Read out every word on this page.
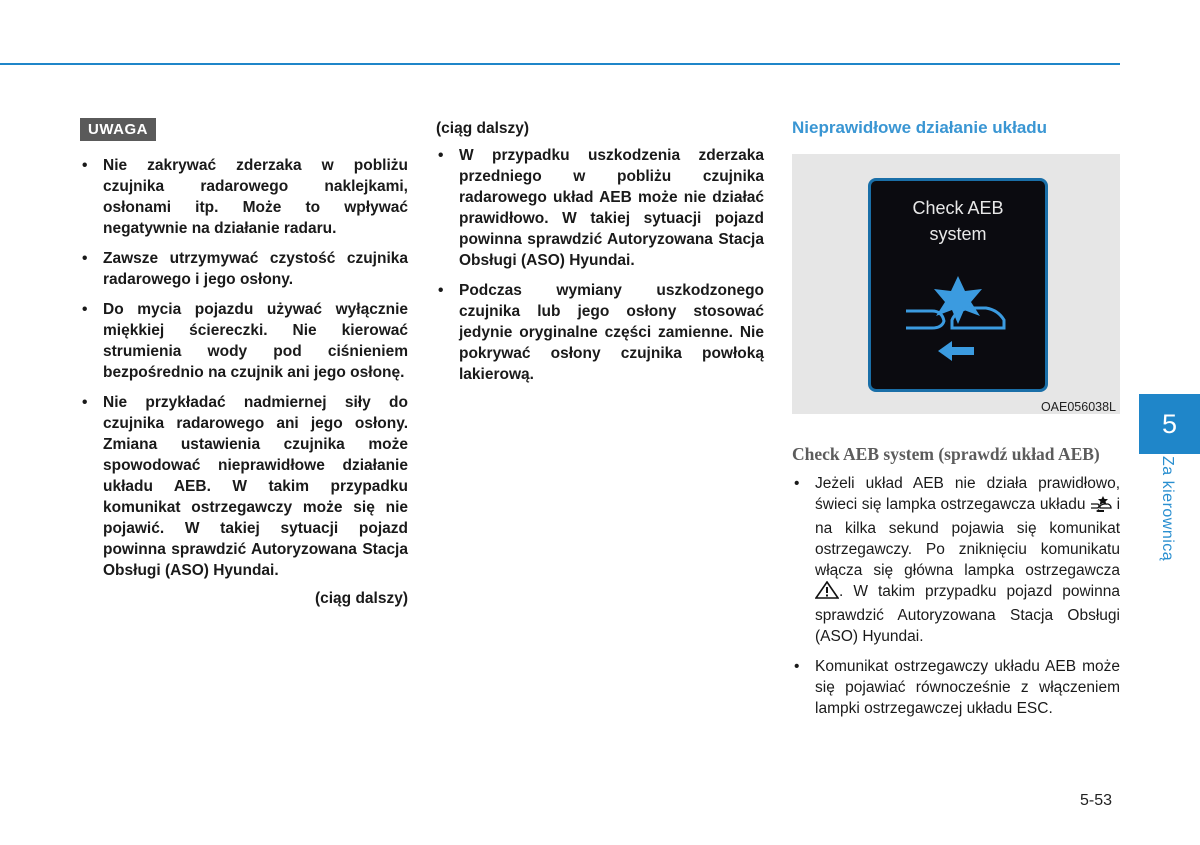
UWAGA
• Nie zakrywać zderzaka w pobliżu czujnika radarowego naklejkami, osłonami itp. Może to wpływać negatywnie na działanie radaru.
• Zawsze utrzymywać czystość czujnika radarowego i jego osłony.
• Do mycia pojazdu używać wyłącznie miękkiej ściereczki. Nie kierować strumienia wody pod ciśnieniem bezpośrednio na czujnik ani jego osłonę.
• Nie przykładać nadmiernej siły do czujnika radarowego ani jego osłony. Zmiana ustawienia czujnika może spowodować nieprawidłowe działanie układu AEB. W takim przypadku komunikat ostrzegawczy może się nie pojawić. W takiej sytuacji pojazd powinna sprawdzić Autoryzowana Stacja Obsługi (ASO) Hyundai.
(ciąg dalszy)
(ciąg dalszy)
• W przypadku uszkodzenia zderzaka przedniego w pobliżu czujnika radarowego układ AEB może nie działać prawidłowo. W takiej sytuacji pojazd powinna sprawdzić Autoryzowana Stacja Obsługi (ASO) Hyundai.
• Podczas wymiany uszkodzonego czujnika lub jego osłony stosować jedynie oryginalne części zamienne. Nie pokrywać osłony czujnika powłoką lakierową.
Nieprawidłowe działanie układu
Check AEB
system
OAE056038L
Check AEB system (sprawdź układ AEB)
• Jeżeli układ AEB nie działa prawidłowo, świeci się lampka ostrzegawcza układu i na kilka sekund pojawia się komunikat ostrzegawczy. Po zniknięciu komunikatu włącza się główna lampka ostrzegawcza . W takim przypadku pojazd powinna sprawdzić Autoryzowana Stacja Obsługi (ASO) Hyundai.
• Komunikat ostrzegawczy układu AEB może się pojawiać równocześnie z włączeniem lampki ostrzegawczej układu ESC.
5
Za kierownicą
5-53
